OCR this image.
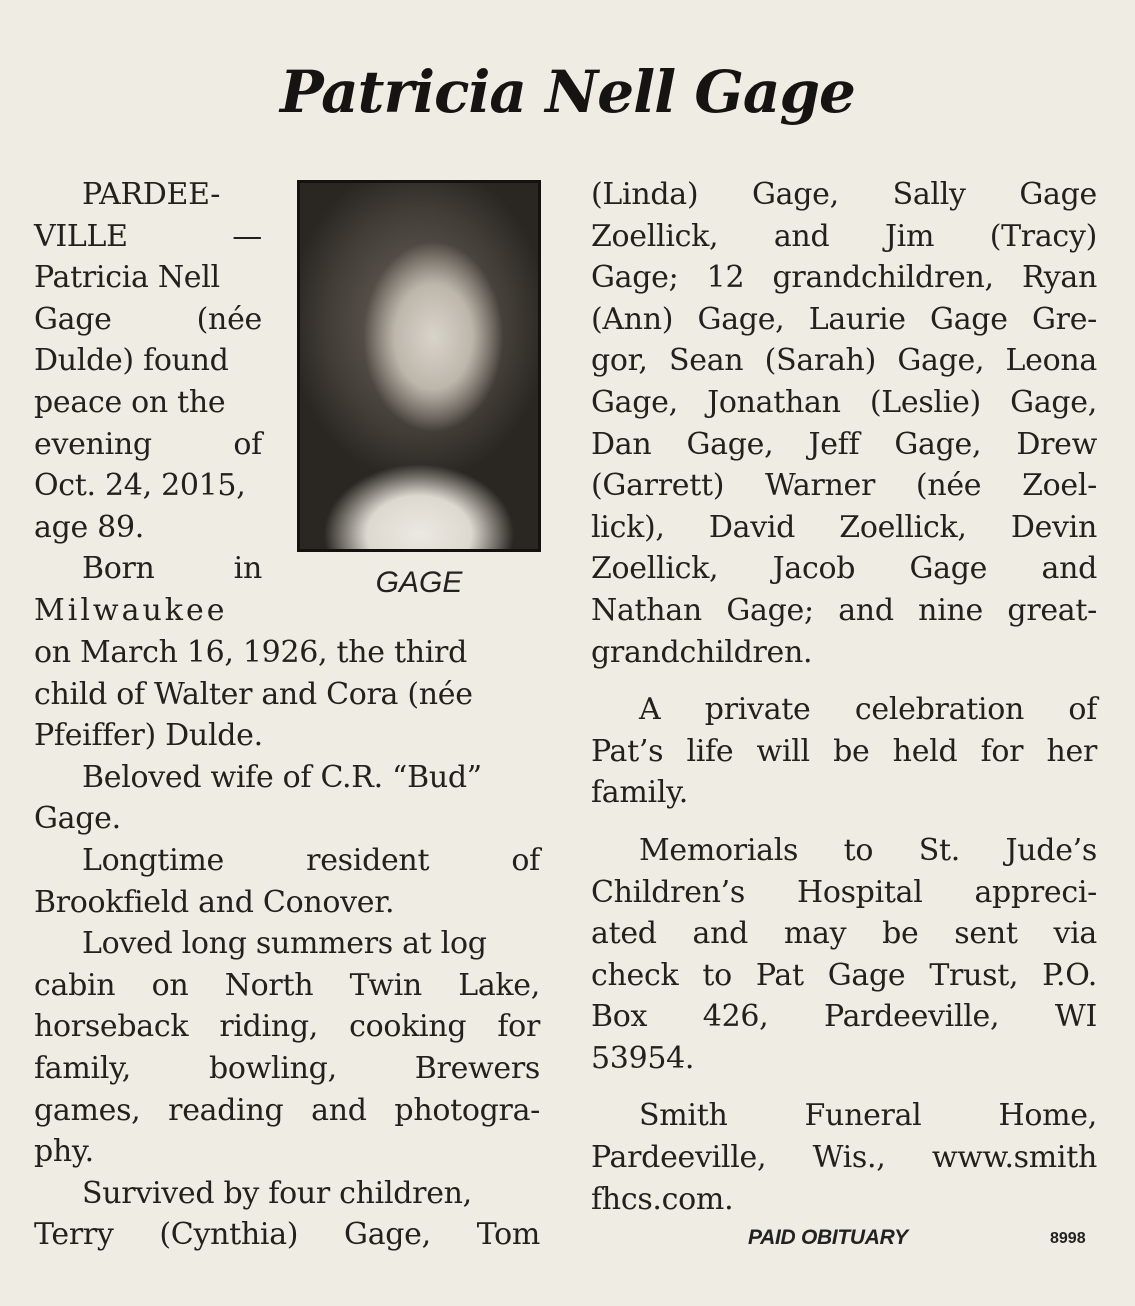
Patricia Nell Gage

PARDEE-

VILLE —

Patricia Nell

Gage (née

Dulde) found

peace on the

evening of

Oct. 24, 2015,

age 89.

Born in

Milwaukee

GAGE

on March 16, 1926, the third

child of Walter and Cora (née

Pfeiffer) Dulde.

Beloved wife of C.R. “Bud”

Gage.

Longtime resident of

Brookfield and Conover.

Loved long summers at log

cabin on North Twin Lake,

horseback riding, cooking for

family, bowling, Brewers

games, reading and photogra-

phy.

Survived by four children,

Terry (Cynthia) Gage, Tom

(Linda) Gage, Sally Gage

Zoellick, and Jim (Tracy)

Gage; 12 grandchildren, Ryan

(Ann) Gage, Laurie Gage Gre-

gor, Sean (Sarah) Gage, Leona

Gage, Jonathan (Leslie) Gage,

Dan Gage, Jeff Gage, Drew

(Garrett) Warner (née Zoel-

lick), David Zoellick, Devin

Zoellick, Jacob Gage and

Nathan Gage; and nine great-

grandchildren.

A private celebration of

Pat’s life will be held for her

family.

Memorials to St. Jude’s

Children’s Hospital appreci-

ated and may be sent via

check to Pat Gage Trust, P.O.

Box 426, Pardeeville, WI

53954.

Smith Funeral Home,

Pardeeville, Wis., www.smith

fhcs.com.

PAID OBITUARY	8998
